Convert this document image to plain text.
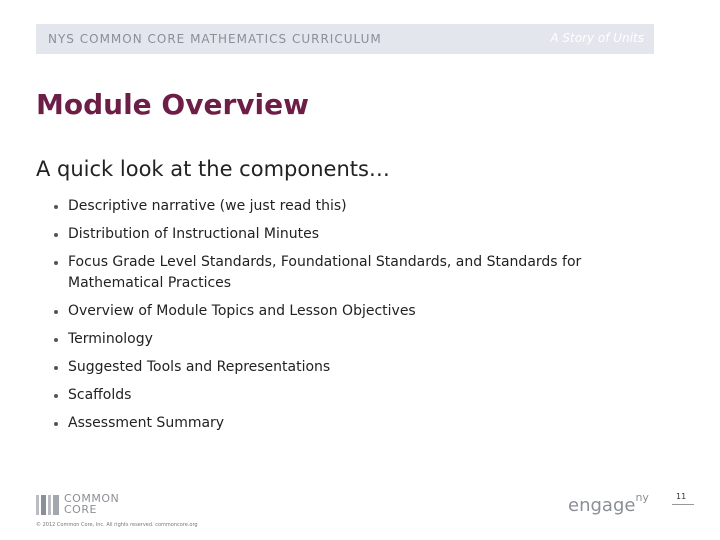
NYS COMMON CORE MATHEMATICS CURRICULUM	A Story of Units
Module Overview
A quick look at the components…
Descriptive narrative (we just read this)
Distribution of Instructional Minutes
Focus Grade Level Standards, Foundational Standards, and Standards for Mathematical Practices
Overview of Module Topics and Lesson Objectives
Terminology
Suggested Tools and Representations
Scaffolds
Assessment Summary
COMMON
CORE
© 2012 Common Core, Inc. All rights reserved. commoncore.org
engage$^{ny}$	11
